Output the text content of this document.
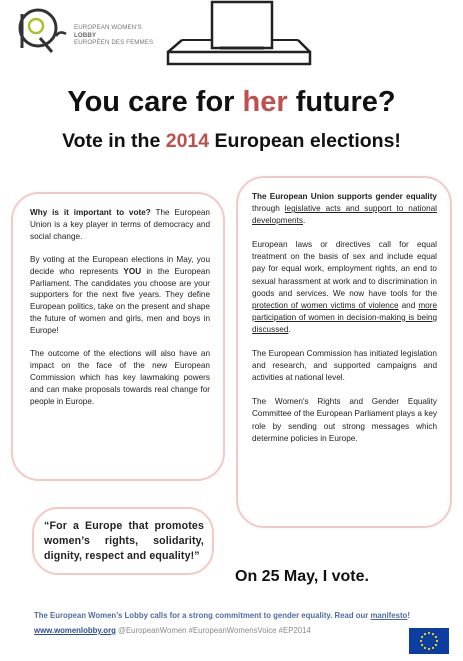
EUROPEAN WOMEN'S
LOBBY
EUROPÉEN DES FEMMES
You care for her future?
Vote in the 2014 European elections!

Why is it important to vote? The European Union is a key player in terms of democracy and social change.

By voting at the European elections in May, you decide who represents YOU in the European Parliament. The candidates you choose are your supporters for the next five years. They define European politics, take on the present and shape the future of women and girls, men and boys in Europe!

The outcome of the elections will also have an impact on the face of the new European Commission which has key lawmaking powers and can make proposals towards real change for people in Europe.

The European Union supports gender equality through legislative acts and support to national developments.

European laws or directives call for equal treatment on the basis of sex and include equal pay for equal work, employment rights, an end to sexual harassment at work and to discrimination in goods and services. We now have tools for the protection of women victims of violence and more participation of women in decision-making is being discussed.

The European Commission has initiated legislation and research, and supported campaigns and activities at national level.

The Women's Rights and Gender Equality Committee of the European Parliament plays a key role by sending out strong messages which determine policies in Europe.

“For a Europe that promotes women’s rights, solidarity, dignity, respect and equality!”
On 25 May, I vote.
The European Women’s Lobby calls for a strong commitment to gender equality. Read our manifesto!
www.womenlobby.org @EuropeanWomen #EuropeanWomensVoice #EP2014
